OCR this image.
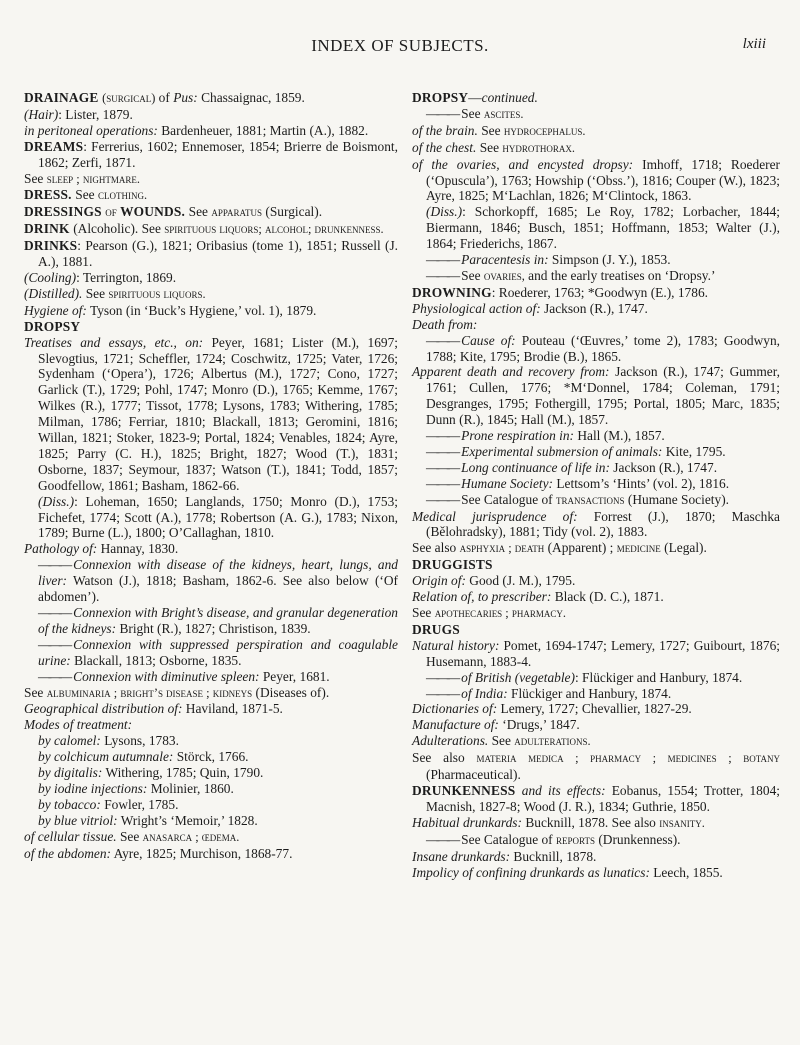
INDEX OF SUBJECTS.	lxiii

DRAINAGE (surgical) of Pus: Chassaignac, 1859.

(Hair): Lister, 1879.

in peritoneal operations: Bardenheuer, 1881; Martin (A.), 1882.

DREAMS: Ferrerius, 1602; Ennemoser, 1854; Brierre de Boismont, 1862; Zerfi, 1871.

See sleep ; nightmare.

DRESS. See clothing.

DRESSINGS of WOUNDS. See apparatus (Surgical).

DRINK (Alcoholic). See spirituous liquors; alcohol; drunkenness.

DRINKS: Pearson (G.), 1821; Oribasius (tome 1), 1851; Russell (J. A.), 1881.

(Cooling): Terrington, 1869.

(Distilled). See spirituous liquors.

Hygiene of: Tyson (in ‘Buck’s Hygiene,’ vol. 1), 1879.

DROPSY

Treatises and essays, etc., on: Peyer, 1681; Lister (M.), 1697; Slevogtius, 1721; Scheffler, 1724; Coschwitz, 1725; Vater, 1726; Sydenham (‘Opera’), 1726; Albertus (M.), 1727; Cono, 1727; Garlick (T.), 1729; Pohl, 1747; Monro (D.), 1765; Kemme, 1767; Wilkes (R.), 1777; Tissot, 1778; Lysons, 1783; Withering, 1785; Milman, 1786; Ferriar, 1810; Blackall, 1813; Geromini, 1816; Willan, 1821; Stoker, 1823-9; Portal, 1824; Venables, 1824; Ayre, 1825; Parry (C. H.), 1825; Bright, 1827; Wood (T.), 1831; Osborne, 1837; Seymour, 1837; Watson (T.), 1841; Todd, 1857; Goodfellow, 1861; Basham, 1862-66.

(Diss.): Loheman, 1650; Langlands, 1750; Monro (D.), 1753; Fichefet, 1774; Scott (A.), 1778; Robertson (A. G.), 1783; Nixon, 1789; Burne (L.), 1800; O’Callaghan, 1810.

Pathology of: Hannay, 1830.

——— Connexion with disease of the kidneys, heart, lungs, and liver: Watson (J.), 1818; Basham, 1862-6. See also below (‘Of abdomen’).

——— Connexion with Bright’s disease, and granular degeneration of the kidneys: Bright (R.), 1827; Christison, 1839.

——— Connexion with suppressed perspiration and coagulable urine: Blackall, 1813; Osborne, 1835.

——— Connexion with diminutive spleen: Peyer, 1681.

See albuminaria ; bright’s disease ; kidneys (Diseases of).

Geographical distribution of: Haviland, 1871-5.

Modes of treatment:

by calomel: Lysons, 1783.

by colchicum autumnale: Störck, 1766.

by digitalis: Withering, 1785; Quin, 1790.

by iodine injections: Molinier, 1860.

by tobacco: Fowler, 1785.

by blue vitriol: Wright’s ‘Memoir,’ 1828.

of cellular tissue. See anasarca ; œdema.

of the abdomen: Ayre, 1825; Murchison, 1868-77.

DROPSY—continued.

——— See ascites.

of the brain. See hydrocephalus.

of the chest. See hydrothorax.

of the ovaries, and encysted dropsy: Imhoff, 1718; Roederer (‘Opuscula’), 1763; Howship (‘Obss.’), 1816; Couper (W.), 1823; Ayre, 1825; M‘Lachlan, 1826; M‘Clintock, 1863.

(Diss.): Schorkopff, 1685; Le Roy, 1782; Lorbacher, 1844; Biermann, 1846; Busch, 1851; Hoffmann, 1853; Walter (J.), 1864; Friederichs, 1867.

——— Paracentesis in: Simpson (J. Y.), 1853.

——— See ovaries, and the early treatises on ‘Dropsy.’

DROWNING: Roederer, 1763; *Goodwyn (E.), 1786.

Physiological action of: Jackson (R.), 1747.

Death from:

——— Cause of: Pouteau (‘Œuvres,’ tome 2), 1783; Goodwyn, 1788; Kite, 1795; Brodie (B.), 1865.

Apparent death and recovery from: Jackson (R.), 1747; Gummer, 1761; Cullen, 1776; *M‘Donnel, 1784; Coleman, 1791; Desgranges, 1795; Fothergill, 1795; Portal, 1805; Marc, 1835; Dunn (R.), 1845; Hall (M.), 1857.

——— Prone respiration in: Hall (M.), 1857.

——— Experimental submersion of animals: Kite, 1795.

——— Long continuance of life in: Jackson (R.), 1747.

——— Humane Society: Lettsom’s ‘Hints’ (vol. 2), 1816.

——— See Catalogue of transactions (Humane Society).

Medical jurisprudence of: Forrest (J.), 1870; Maschka (Bělohradsky), 1881; Tidy (vol. 2), 1883.

See also asphyxia ; death (Apparent) ; medicine (Legal).

DRUGGISTS

Origin of: Good (J. M.), 1795.

Relation of, to prescriber: Black (D. C.), 1871.

See apothecaries ; pharmacy.

DRUGS

Natural history: Pomet, 1694-1747; Lemery, 1727; Guibourt, 1876; Husemann, 1883-4.

——— of British (vegetable): Flückiger and Hanbury, 1874.

——— of India: Flückiger and Hanbury, 1874.

Dictionaries of: Lemery, 1727; Chevallier, 1827-29.

Manufacture of: ‘Drugs,’ 1847.

Adulterations. See adulterations.

See also materia medica ; pharmacy ; medicines ; botany (Pharmaceutical).

DRUNKENNESS and its effects: Eobanus, 1554; Trotter, 1804; Macnish, 1827-8; Wood (J. R.), 1834; Guthrie, 1850.

Habitual drunkards: Bucknill, 1878. See also insanity.

——— See Catalogue of reports (Drunkenness).

Insane drunkards: Bucknill, 1878.

Impolicy of confining drunkards as lunatics: Leech, 1855.
